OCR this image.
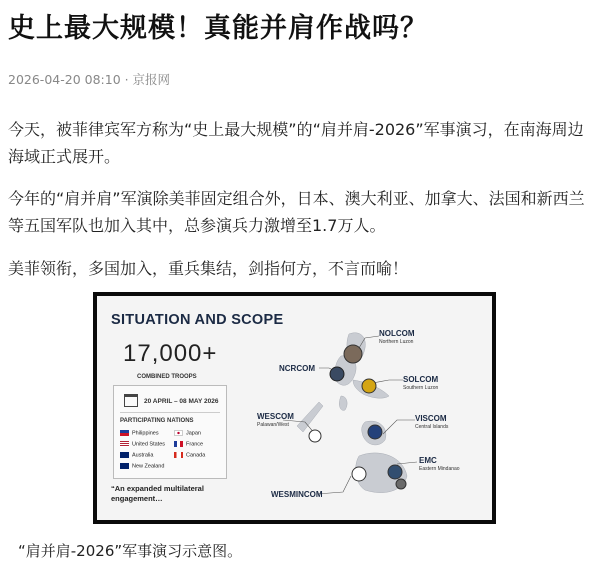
史上最大规模！真能并肩作战吗？
2026-04-20 08:10 · 京报网

今天，被菲律宾军方称为“史上最大规模”的“肩并肩-2026”军事演习，在南海周边海域正式展开。

今年的“肩并肩”军演除美菲固定组合外，日本、澳大利亚、加拿大、法国和新西兰等五国军队也加入其中，总参演兵力激增至1.7万人。

美菲领衔，多国加入，重兵集结，剑指何方，不言而喻！

SITUATION AND SCOPE
17,000+
COMBINED TROOPS
20 APRIL – 08 MAY 2026
PARTICIPATING NATIONS
Philippines	Japan
United States	France
Australia	Canada
New Zealand
“An expanded multilateral engagement…
NOLCOM
Northern Luzon
NCRCOM
SOLCOM
Southern Luzon
WESCOM
Palawan/West
VISCOM
Central Islands
EMC
Eastern Mindanao
WESMINCOM
“肩并肩-2026”军事演习示意图。
